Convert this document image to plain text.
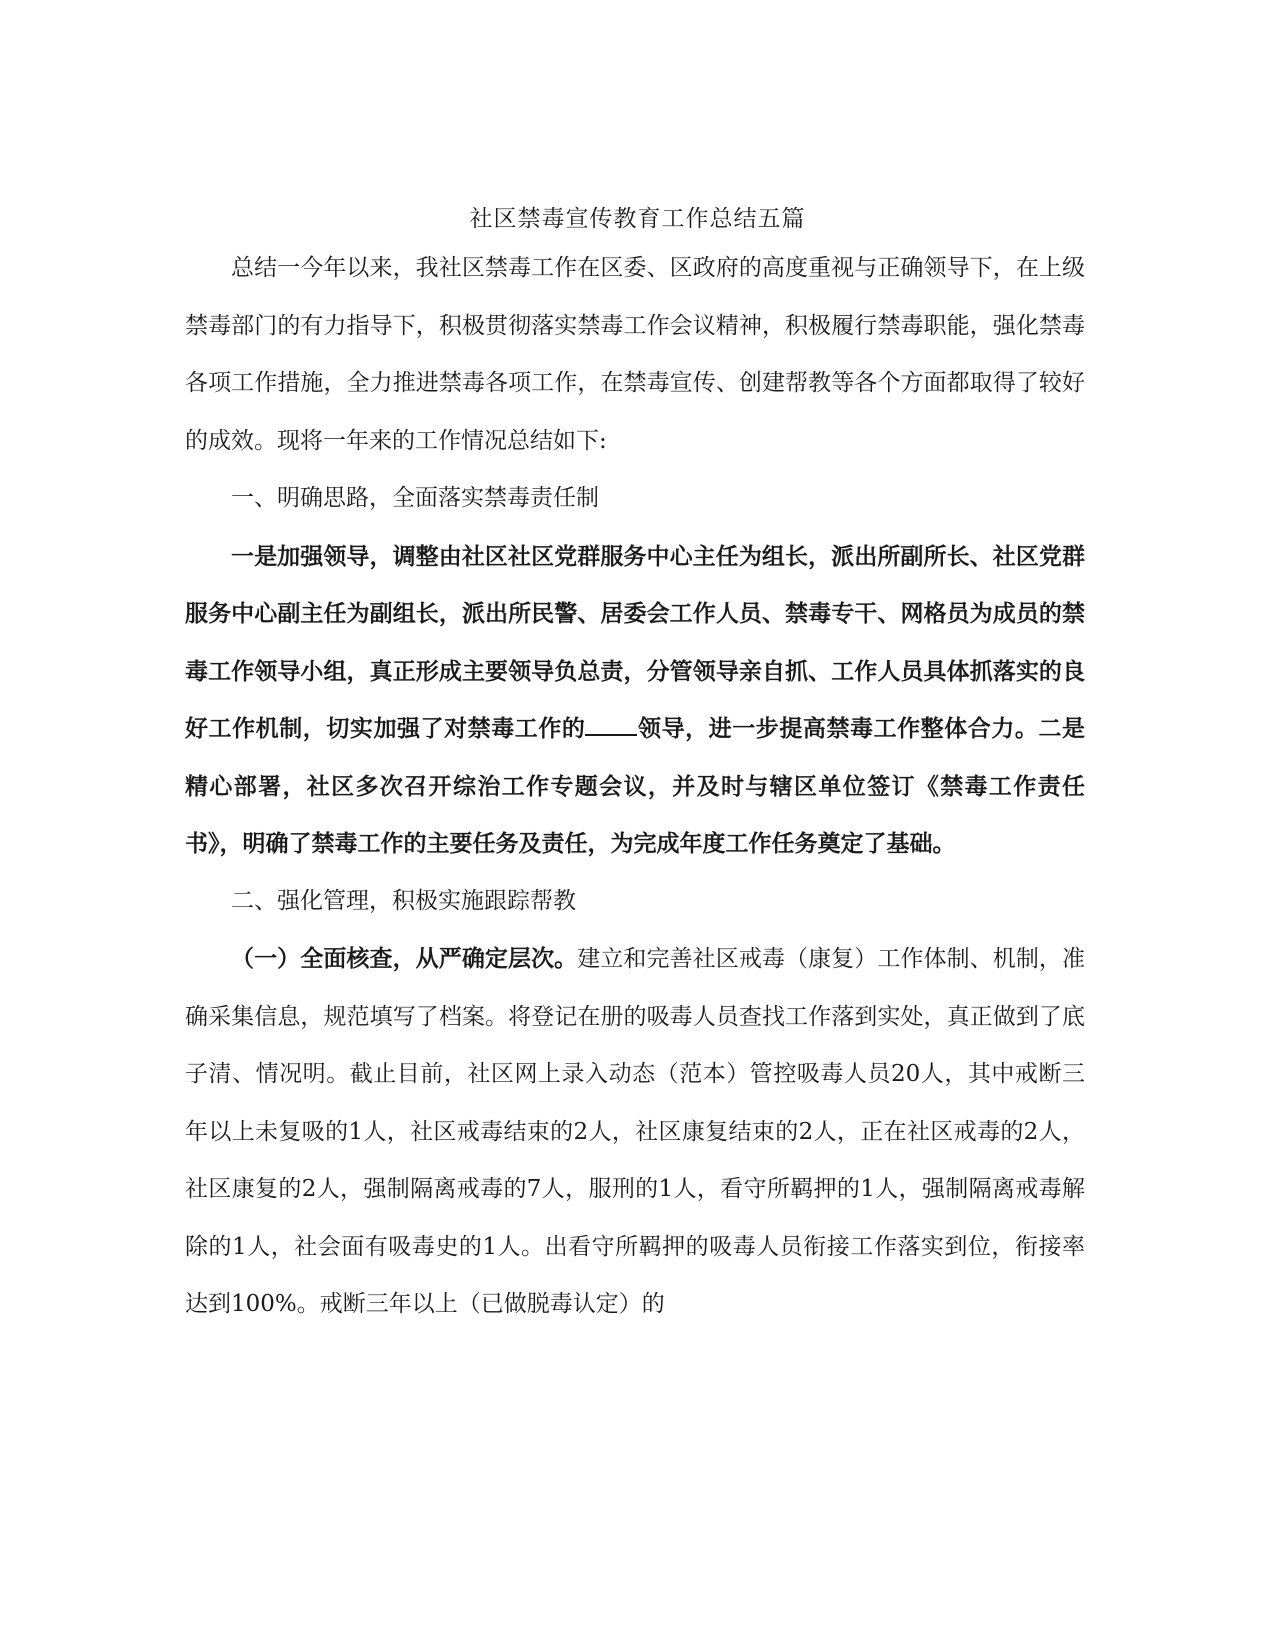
社区禁毒宣传教育工作总结五篇

总结一今年以来，我社区禁毒工作在区委、区政府的高度重视与正确领导下，在上级禁毒部门的有力指导下，积极贯彻落实禁毒工作会议精神，积极履行禁毒职能，强化禁毒各项工作措施，全力推进禁毒各项工作，在禁毒宣传、创建帮教等各个方面都取得了较好的成效。现将一年来的工作情况总结如下:

一、明确思路，全面落实禁毒责任制

一是加强领导，调整由社区社区党群服务中心主任为组长，派出所副所长、社区党群服务中心副主任为副组长，派出所民警、居委会工作人员、禁毒专干、网格员为成员的禁毒工作领导小组，真正形成主要领导负总责，分管领导亲自抓、工作人员具体抓落实的良好工作机制，切实加强了对禁毒工作的 领导，进一步提高禁毒工作整体合力。二是精心部署，社区多次召开综治工作专题会议，并及时与辖区单位签订《禁毒工作责任书》，明确了禁毒工作的主要任务及责任，为完成年度工作任务奠定了基础。

二、强化管理，积极实施跟踪帮教

（一）全面核查，从严确定层次。建立和完善社区戒毒（康复）工作体制、机制，准确采集信息，规范填写了档案。将登记在册的吸毒人员查找工作落到实处，真正做到了底子清、情况明。截止目前，社区网上录入动态（范本）管控吸毒人员20人，其中戒断三年以上未复吸的1人，社区戒毒结束的2人，社区康复结束的2人，正在社区戒毒的2人，社区康复的2人，强制隔离戒毒的7人，服刑的1人，看守所羁押的1人，强制隔离戒毒解除的1人，社会面有吸毒史的1人。出看守所羁押的吸毒人员衔接工作落实到位，衔接率达到100%。戒断三年以上（已做脱毒认定）的
